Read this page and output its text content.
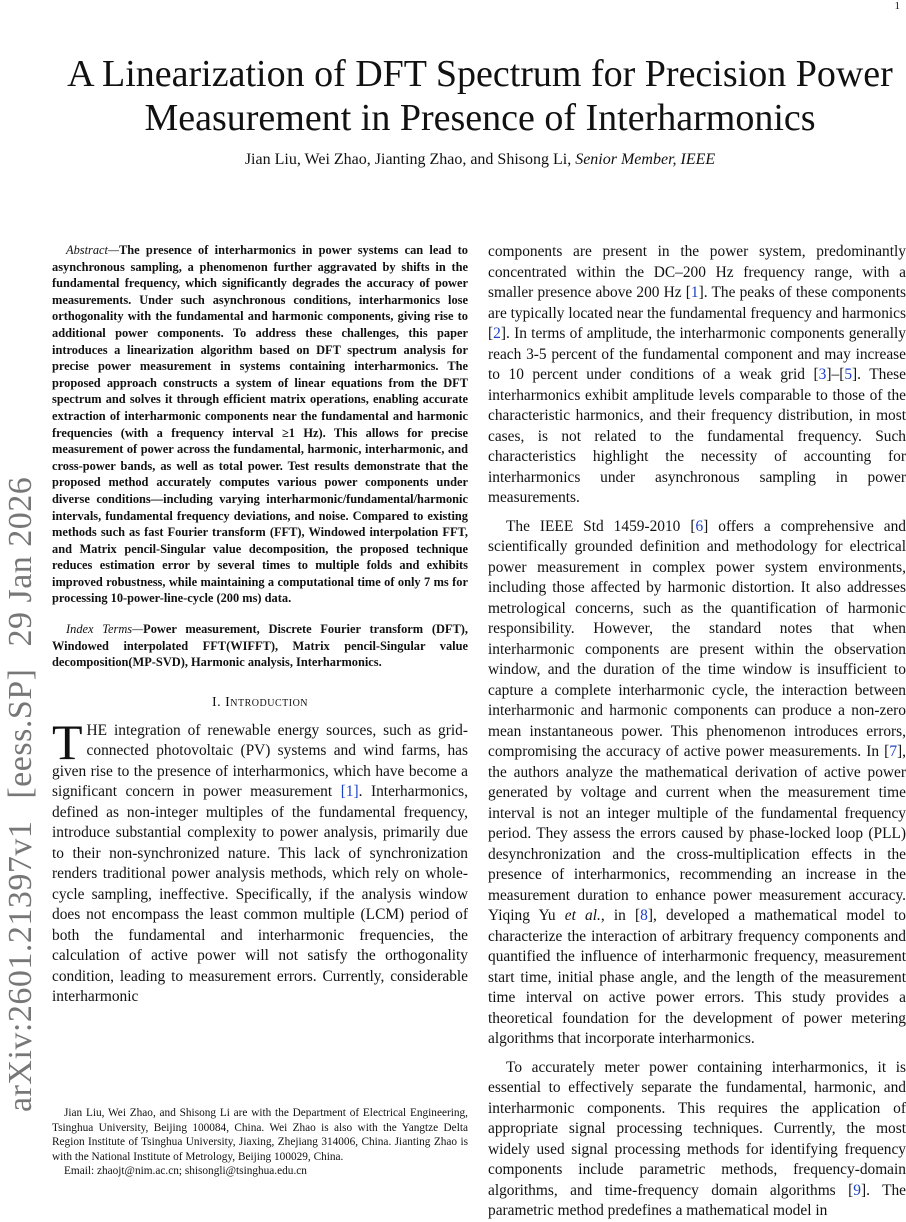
1
arXiv:2601.21397v1[eess.SP]29 Jan 2026
A Linearization of DFT Spectrum for Precision Power Measurement in Presence of Interharmonics
Jian Liu, Wei Zhao, Jianting Zhao, and Shisong Li, Senior Member, IEEE

Abstract—The presence of interharmonics in power systems can lead to asynchronous sampling, a phenomenon further aggravated by shifts in the fundamental frequency, which significantly degrades the accuracy of power measurements. Under such asynchronous conditions, interharmonics lose orthogonality with the fundamental and harmonic components, giving rise to additional power components. To address these challenges, this paper introduces a linearization algorithm based on DFT spectrum analysis for precise power measurement in systems containing interharmonics. The proposed approach constructs a system of linear equations from the DFT spectrum and solves it through efficient matrix operations, enabling accurate extraction of interharmonic components near the fundamental and harmonic frequencies (with a frequency interval ≥1 Hz). This allows for precise measurement of power across the fundamental, harmonic, interharmonic, and cross-power bands, as well as total power. Test results demonstrate that the proposed method accurately computes various power components under diverse conditions—including varying interharmonic/fundamental/harmonic intervals, fundamental frequency deviations, and noise. Compared to existing methods such as fast Fourier transform (FFT), Windowed interpolation FFT, and Matrix pencil-Singular value decomposition, the proposed technique reduces estimation error by several times to multiple folds and exhibits improved robustness, while maintaining a computational time of only 7 ms for processing 10-power-line-cycle (200 ms) data.

Index Terms—Power measurement, Discrete Fourier transform (DFT), Windowed interpolated FFT(WIFFT), Matrix pencil-Singular value decomposition(MP-SVD), Harmonic analysis, Interharmonics.

I. Introduction

THE integration of renewable energy sources, such as grid-connected photovoltaic (PV) systems and wind farms, has given rise to the presence of interharmonics, which have become a significant concern in power measurement [1]. Interharmonics, defined as non-integer multiples of the fundamental frequency, introduce substantial complexity to power analysis, primarily due to their non-synchronized nature. This lack of synchronization renders traditional power analysis methods, which rely on whole-cycle sampling, ineffective. Specifically, if the analysis window does not encompass the least common multiple (LCM) period of both the fundamental and interharmonic frequencies, the calculation of active power will not satisfy the orthogonality condition, leading to measurement errors. Currently, considerable interharmonic

components are present in the power system, predominantly concentrated within the DC–200 Hz frequency range, with a smaller presence above 200 Hz [1]. The peaks of these components are typically located near the fundamental frequency and harmonics [2]. In terms of amplitude, the interharmonic components generally reach 3-5 percent of the fundamental component and may increase to 10 percent under conditions of a weak grid [3]–[5]. These interharmonics exhibit amplitude levels comparable to those of the characteristic harmonics, and their frequency distribution, in most cases, is not related to the fundamental frequency. Such characteristics highlight the necessity of accounting for interharmonics under asynchronous sampling in power measurements.

The IEEE Std 1459-2010 [6] offers a comprehensive and scientifically grounded definition and methodology for electrical power measurement in complex power system environments, including those affected by harmonic distortion. It also addresses metrological concerns, such as the quantification of harmonic responsibility. However, the standard notes that when interharmonic components are present within the observation window, and the duration of the time window is insufficient to capture a complete interharmonic cycle, the interaction between interharmonic and harmonic components can produce a non-zero mean instantaneous power. This phenomenon introduces errors, compromising the accuracy of active power measurements. In [7], the authors analyze the mathematical derivation of active power generated by voltage and current when the measurement time interval is not an integer multiple of the fundamental frequency period. They assess the errors caused by phase-locked loop (PLL) desynchronization and the cross-multiplication effects in the presence of interharmonics, recommending an increase in the measurement duration to enhance power measurement accuracy. Yiqing Yu et al., in [8], developed a mathematical model to characterize the interaction of arbitrary frequency components and quantified the influence of interharmonic frequency, measurement start time, initial phase angle, and the length of the measurement time interval on active power errors. This study provides a theoretical foundation for the development of power metering algorithms that incorporate interharmonics.

To accurately meter power containing interharmonics, it is essential to effectively separate the fundamental, harmonic, and interharmonic components. This requires the application of appropriate signal processing techniques. Currently, the most widely used signal processing methods for identifying frequency components include parametric methods, frequency-domain algorithms, and time-frequency domain algorithms [9]. The parametric method predefines a mathematical model in

Jian Liu, Wei Zhao, and Shisong Li are with the Department of Electrical Engineering, Tsinghua University, Beijing 100084, China. Wei Zhao is also with the Yangtze Delta Region Institute of Tsinghua University, Jiaxing, Zhejiang 314006, China. Jianting Zhao is with the National Institute of Metrology, Beijing 100029, China.
Email: zhaojt@nim.ac.cn; shisongli@tsinghua.edu.cn
